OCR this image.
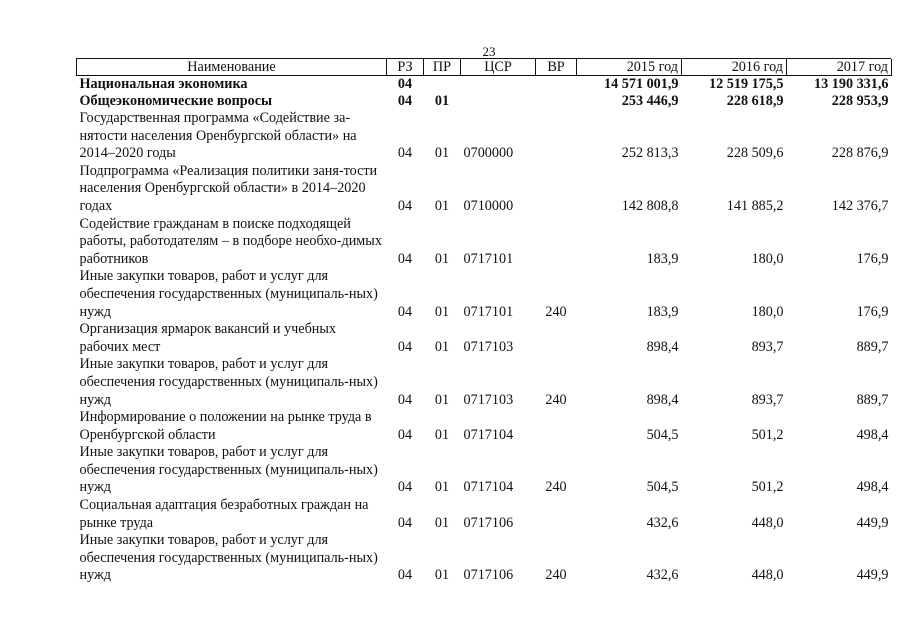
23
Наименование	РЗ	ПР	ЦСР	ВР	2015 год	2016 год	2017 год
Национальная экономика	04				14 571 001,9	12 519 175,5	13 190 331,6
Общеэкономические вопросы	04	01			253 446,9	228 618,9	228 953,9
Государственная программа «Содействие за-нятости населения Оренбургской области» на 2014–2020 годы	04	01	0700000		252 813,3	228 509,6	228 876,9
Подпрограмма «Реализация политики заня-тости населения Оренбургской области» в 2014–2020 годах	04	01	0710000		142 808,8	141 885,2	142 376,7
Содействие гражданам в поиске подходящей работы, работодателям – в подборе необхо-димых работников	04	01	0717101		183,9	180,0	176,9
Иные закупки товаров, работ и услуг для обеспечения государственных (муниципаль-ных) нужд	04	01	0717101	240	183,9	180,0	176,9
Организация ярмарок вакансий и учебных рабочих мест	04	01	0717103		898,4	893,7	889,7
Иные закупки товаров, работ и услуг для обеспечения государственных (муниципаль-ных) нужд	04	01	0717103	240	898,4	893,7	889,7
Информирование о положении на рынке труда в Оренбургской области	04	01	0717104		504,5	501,2	498,4
Иные закупки товаров, работ и услуг для обеспечения государственных (муниципаль-ных) нужд	04	01	0717104	240	504,5	501,2	498,4
Социальная адаптация безработных граждан на рынке труда	04	01	0717106		432,6	448,0	449,9
Иные закупки товаров, работ и услуг для обеспечения государственных (муниципаль-ных) нужд	04	01	0717106	240	432,6	448,0	449,9
